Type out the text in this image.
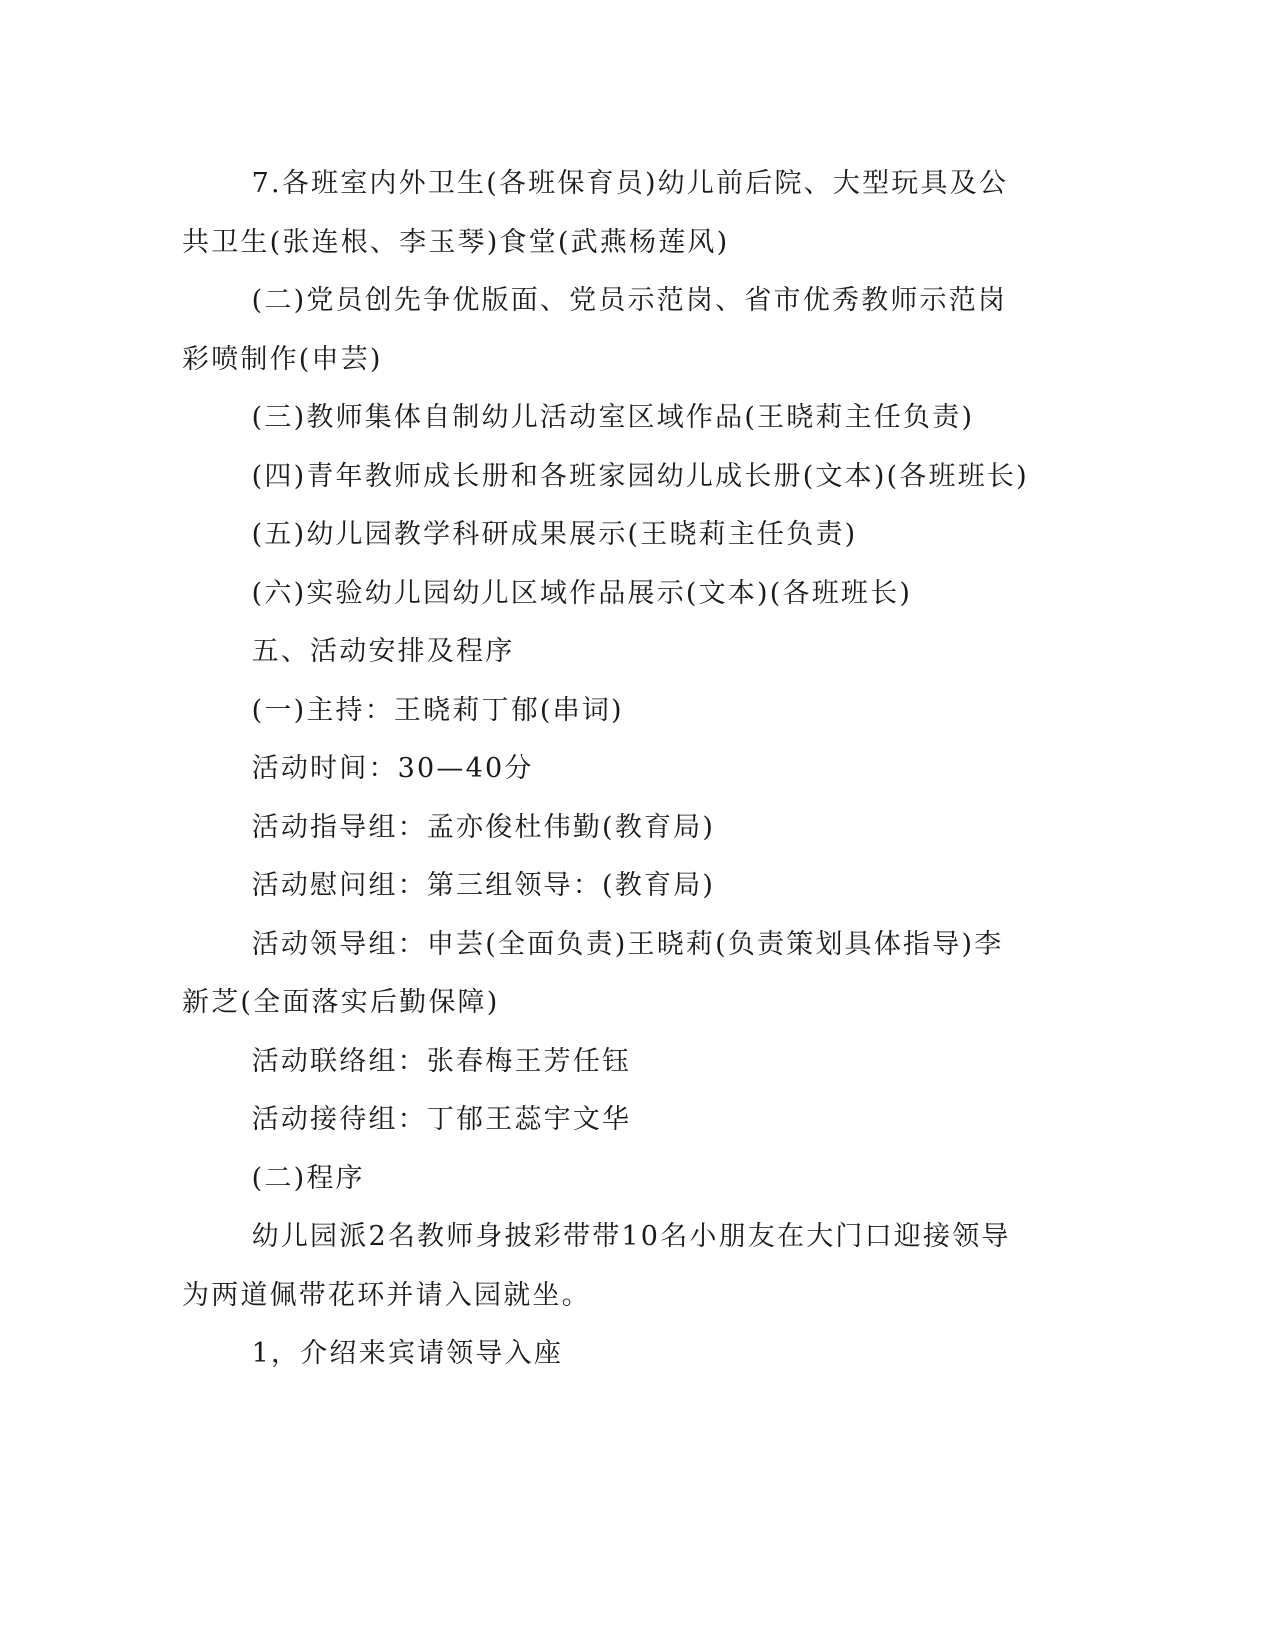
7.各班室内外卫生(各班保育员)幼儿前后院、大型玩具及公共卫生(张连根、李玉琴)食堂(武燕杨莲风)

(二)党员创先争优版面、党员示范岗、省市优秀教师示范岗彩喷制作(申芸)

(三)教师集体自制幼儿活动室区域作品(王晓莉主任负责)

(四)青年教师成长册和各班家园幼儿成长册(文本)(各班班长)

(五)幼儿园教学科研成果展示(王晓莉主任负责)

(六)实验幼儿园幼儿区域作品展示(文本)(各班班长)

五、活动安排及程序

(一)主持：王晓莉丁郁(串词)

活动时间：30—40分

活动指导组：孟亦俊杜伟勤(教育局)

活动慰问组：第三组领导：(教育局)

活动领导组：申芸(全面负责)王晓莉(负责策划具体指导)李新芝(全面落实后勤保障)

活动联络组：张春梅王芳任钰

活动接待组：丁郁王蕊宇文华

(二)程序

幼儿园派2名教师身披彩带带10名小朋友在大门口迎接领导为两道佩带花环并请入园就坐。

1，介绍来宾请领导入座
